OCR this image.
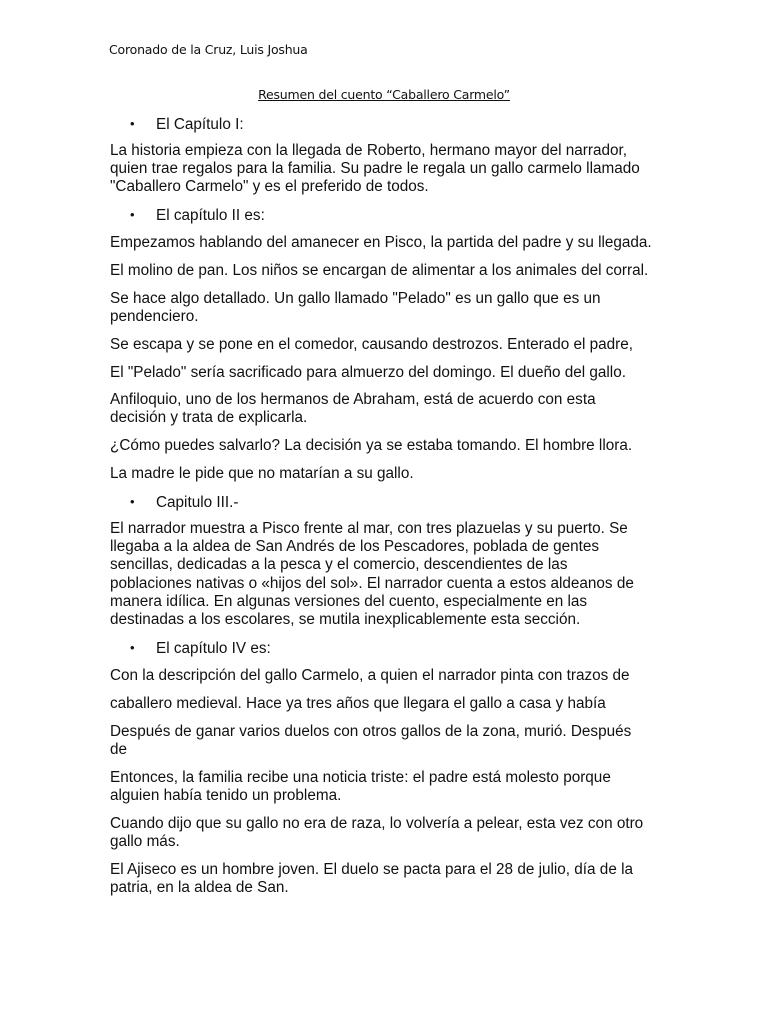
Coronado de la Cruz, Luis Joshua
Resumen del cuento “Caballero Carmelo”

• El Capítulo I:

La historia empieza con la llegada de Roberto, hermano mayor del narrador,
quien trae regalos para la familia. Su padre le regala un gallo carmelo llamado
"Caballero Carmelo" y es el preferido de todos.

• El capítulo II es:

Empezamos hablando del amanecer en Pisco, la partida del padre y su llegada.

El molino de pan. Los niños se encargan de alimentar a los animales del corral.

Se hace algo detallado. Un gallo llamado "Pelado" es un gallo que es un
pendenciero.

Se escapa y se pone en el comedor, causando destrozos. Enterado el padre,

El "Pelado" sería sacrificado para almuerzo del domingo. El dueño del gallo.

Anfiloquio, uno de los hermanos de Abraham, está de acuerdo con esta
decisión y trata de explicarla.

¿Cómo puedes salvarlo? La decisión ya se estaba tomando. El hombre llora.

La madre le pide que no matarían a su gallo.

• Capitulo III.-

El narrador muestra a Pisco frente al mar, con tres plazuelas y su puerto. Se
llegaba a la aldea de San Andrés de los Pescadores, poblada de gentes
sencillas, dedicadas a la pesca y el comercio, descendientes de las
poblaciones nativas o «hijos del sol». El narrador cuenta a estos aldeanos de
manera idílica. En algunas versiones del cuento, especialmente en las
destinadas a los escolares, se mutila inexplicablemente esta sección.

• El capítulo IV es:

Con la descripción del gallo Carmelo, a quien el narrador pinta con trazos de

caballero medieval. Hace ya tres años que llegara el gallo a casa y había

Después de ganar varios duelos con otros gallos de la zona, murió. Después
de

Entonces, la familia recibe una noticia triste: el padre está molesto porque
alguien había tenido un problema.

Cuando dijo que su gallo no era de raza, lo volvería a pelear, esta vez con otro
gallo más.

El Ajiseco es un hombre joven. El duelo se pacta para el 28 de julio, día de la
patria, en la aldea de San.
